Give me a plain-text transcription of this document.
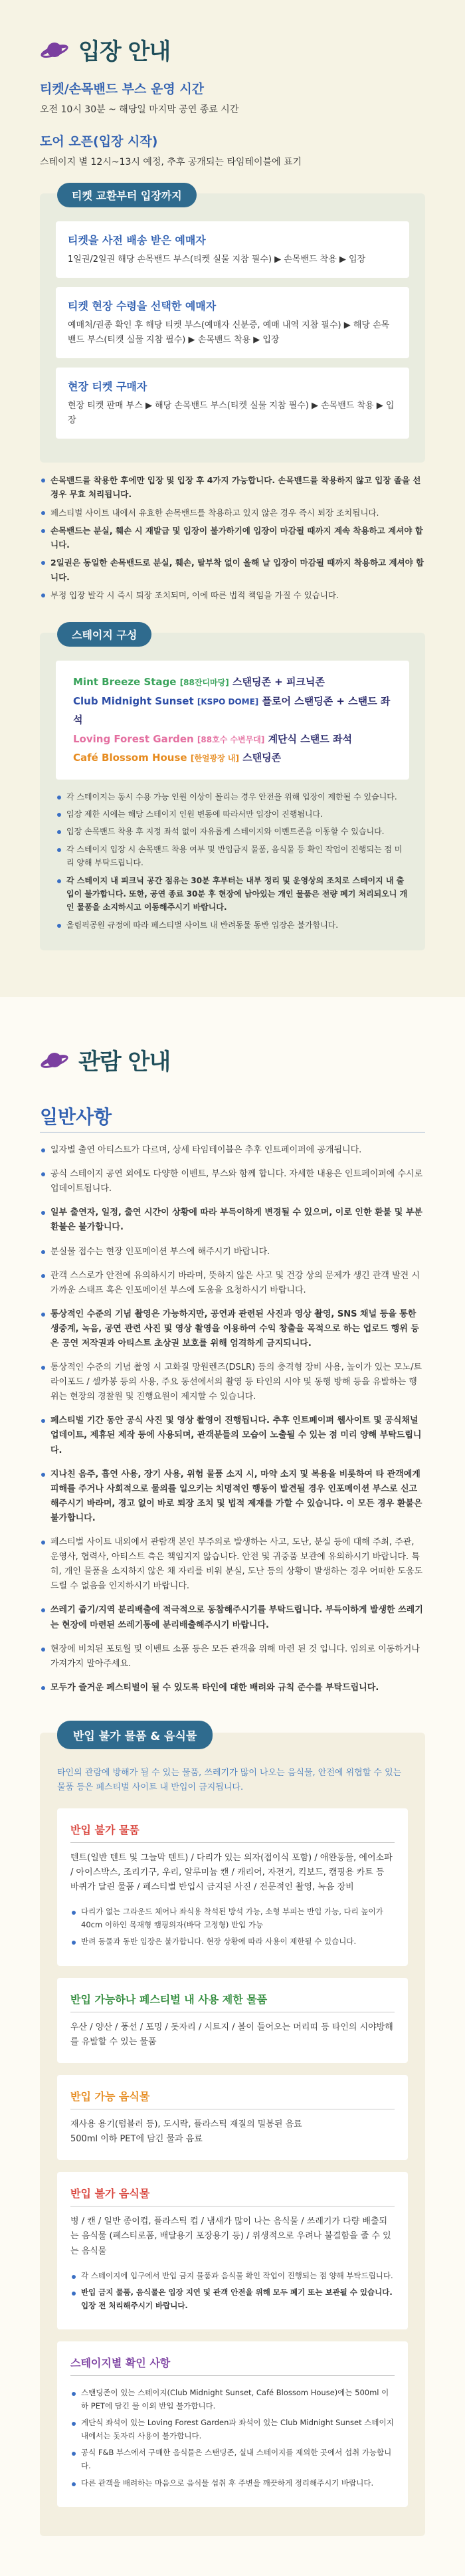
입장 안내
티켓/손목밴드 부스 운영 시간
오전 10시 30분 ~ 해당일 마지막 공연 종료 시간
도어 오픈(입장 시작)
스테이지 별 12시~13시 예정, 추후 공개되는 타임테이블에 표기
티켓 교환부터 입장까지
티켓을 사전 배송 받은 예매자

1일권/2일권 해당 손목밴드 부스(티켓 실물 지참 필수) ▶ 손목밴드 착용 ▶ 입장

티켓 현장 수령을 선택한 예매자

예매처/권종 확인 후 해당 티켓 부스(예매자 신분증, 예매 내역 지참 필수) ▶ 해당 손목밴드 부스(티켓 실물 지참 필수) ▶ 손목밴드 착용 ▶ 입장

현장 티켓 구매자

현장 티켓 판매 부스 ▶ 해당 손목밴드 부스(티켓 실물 지참 필수) ▶ 손목밴드 착용 ▶ 입장

손목밴드를 착용한 후에만 입장 및 입장 후 4가지 가능합니다. 손목밴드를 착용하지 않고 입장 졸을 선 경우 무효 처리됩니다.
페스티벌 사이트 내에서 유효한 손목밴드를 착용하고 있지 않은 경우 즉시 퇴장 조치됩니다.
손목밴드는 분실, 훼손 시 재발급 및 입장이 불가하기에 입장이 마감될 때까지 계속 착용하고 계셔야 합니다.
2일권은 동일한 손목밴드로 분실, 훼손, 탈부착 없이 올해 날 입장이 마감될 때까지 착용하고 계셔야 합니다.
부정 입장 발각 시 즉시 퇴장 조치되며, 이에 따른 법적 책임을 가질 수 있습니다.
스테이지 구성
Mint Breeze Stage [88잔디마당] 스탠딩존 + 피크닉존
Club Midnight Sunset [KSPO DOME] 플로어 스탠딩존 + 스탠드 좌석
Loving Forest Garden [88호수 수변무대] 계단식 스탠드 좌석
Café Blossom House [한얼광장 내] 스탠딩존
각 스테이지는 동시 수용 가능 인원 이상이 몰리는 경우 안전을 위해 입장이 제한될 수 있습니다.
입장 제한 시에는 해당 스테이지 인원 변동에 따라서만 입장이 진행됩니다.
입장 손목밴드 착용 후 지정 좌석 없이 자유롭게 스테이지와 이벤트존을 이동할 수 있습니다.
각 스테이지 입장 시 손목밴드 착용 여부 및 반입금지 물품, 음식물 등 확인 작업이 진행되는 점 미리 양해 부탁드립니다.
각 스테이지 내 피크닉 공간 점유는 30분 후부터는 내부 정리 및 운영상의 조치로 스테이지 내 출입이 불가합니다. 또한, 공연 종료 30분 후 현장에 남아있는 개인 물품은 전량 폐기 처리되오니 개인 물품을 소지하시고 이동해주시기 바랍니다.
올림픽공원 규정에 따라 페스티벌 사이트 내 반려동물 동반 입장은 불가합니다.
관람 안내
일반사항
일자별 출연 아티스트가 다르며, 상세 타임테이블은 추후 인트페이퍼에 공개됩니다.
공식 스테이지 공연 외에도 다양한 이벤트, 부스와 함께 합니다. 자세한 내용은 인트페이퍼에 수시로 업데이트됩니다.
일부 출연자, 일정, 출연 시간이 상황에 따라 부득이하게 변경될 수 있으며, 이로 인한 환불 및 부분 환불은 불가합니다.
분실물 접수는 현장 인포메이션 부스에 해주시기 바랍니다.
관객 스스로가 안전에 유의하시기 바라며, 뜻하지 않은 사고 및 건강 상의 문제가 생긴 관객 발견 시 가까운 스태프 혹은 인포메이션 부스에 도움을 요청하시기 바랍니다.
통상적인 수준의 기념 촬영은 가능하지만, 공연과 관련된 사진과 영상 촬영, SNS 채널 등을 통한 생중계, 녹음, 공연 관련 사진 및 영상 촬영을 이용하여 수익 창출을 목적으로 하는 업로드 행위 등은 공연 저작권과 아티스트 초상권 보호를 위해 엄격하게 금지되니다.
통상적인 수준의 기념 촬영 시 고화질 망원렌즈(DSLR) 등의 충격형 장비 사용, 높이가 있는 모노/트라이포드 / 셀카봉 등의 사용, 주요 동선에서의 촬영 등 타인의 시야 및 동행 방해 등을 유발하는 행위는 현장의 경찰원 및 진행요원이 제지할 수 있습니다.
페스티벌 기간 동안 공식 사진 및 영상 촬영이 진행됩니다. 추후 인트페이퍼 웹사이트 및 공식채널 업데이트, 제휴된 제작 등에 사용되며, 관객분들의 모습이 노출될 수 있는 점 미리 양해 부탁드립니다.
지나친 음주, 흡연 사용, 장기 사용, 위험 물품 소지 시, 마약 소지 및 복용을 비롯하여 타 관객에게 피해를 주거나 사회적으로 물의를 일으키는 치명적인 행동이 발견될 경우 인포메이션 부스로 신고해주시기 바라며, 경고 없이 바로 퇴장 조치 및 법적 제재를 가할 수 있습니다. 이 모든 경우 환불은 불가합니다.
페스티벌 사이트 내외에서 관람객 본인 부주의로 발생하는 사고, 도난, 분실 등에 대해 주최, 주관, 운영사, 협력사, 아티스트 측은 책임지지 않습니다. 안전 및 귀중품 보관에 유의하시기 바랍니다. 특히, 개인 물품을 소지하지 않은 채 자리를 비워 분실, 도난 등의 상황이 발생하는 경우 어떠한 도움도 드릴 수 없음을 인지하시기 바랍니다.
쓰레기 줍기/지역 분리배출에 적극적으로 동참해주시기를 부탁드립니다. 부득이하게 발생한 쓰레기는 현장에 마련된 쓰레기통에 분리배출해주시기 바랍니다.
현장에 비치된 포토월 및 이벤트 소품 등은 모든 관객을 위해 마련 된 것 입니다. 임의로 이동하거나 가져가지 말아주세요.
모두가 즐거운 페스티벌이 될 수 있도록 타인에 대한 배려와 규칙 준수를 부탁드립니다.
반입 불가 물품 & 음식물
타인의 관람에 방해가 될 수 있는 물품, 쓰레기가 많이 나오는 음식물, 안전에 위협할 수 있는 물품 등은 페스티벌 사이트 내 반입이 금지됩니다.
반입 불가 물품

텐트(일반 텐트 및 그늘막 텐트) / 다리가 있는 의자(접이식 포함) / 애완동물, 에어소파 / 아이스박스, 조리기구, 우리, 알루미늄 캔 / 캐리어, 자전거, 킥보드, 캠핑용 카트 등 바퀴가 달린 물품 / 페스티벌 반입시 금지된 사진 / 전문적인 촬영, 녹음 장비

다리가 없는 그라운드 체어나 좌식용 착석된 방석 가능, 소형 부피는 반입 가능, 다리 높이가 40cm 이하인 목재형 캠핑의자(바닥 고정형) 반입 가능
반려 동물과 동반 입장은 불가합니다. 현장 상황에 따라 사용이 제한될 수 있습니다.
반입 가능하나 페스티벌 내 사용 제한 물품

우산 / 양산 / 풍선 / 포밍 / 돗자리 / 시트지 / 볼이 들어오는 머리띠 등 타인의 시야방해를 유발할 수 있는 물품

반입 가능 음식물

재사용 용기(텀블러 등), 도시락, 플라스틱 재질의 밀봉된 음료
500ml 이하 PET에 담긴 물과 음료

반입 불가 음식물

병 / 캔 / 일반 종이컵, 플라스틱 컵 / 냄새가 많이 나는 음식물 / 쓰레기가 다량 배출되는 음식물 (폐스티로폼, 배달용기 포장용기 등) / 위생적으로 우려나 불결함을 줄 수 있는 음식물

각 스테이지에 입구에서 반입 금지 물품과 음식물 확인 작업이 진행되는 점 양해 부탁드립니다.
반입 금지 물품, 음식물은 입장 지연 및 관객 안전을 위해 모두 폐기 또는 보관될 수 있습니다. 입장 전 처리해주시기 바랍니다.
스테이지별 확인 사항
스탠딩존이 있는 스테이지(Club Midnight Sunset, Café Blossom House)에는 500ml 이하 PET에 담긴 물 이외 반입 불가합니다.
계단식 좌석이 있는 Loving Forest Garden과 좌석이 있는 Club Midnight Sunset 스테이지 내에서는 돗자리 사용이 불가합니다.
공식 F&B 부스에서 구매한 음식물은 스탠딩존, 실내 스테이지를 제외한 곳에서 섭취 가능합니다.
다른 관객을 배려하는 마음으로 음식물 섭취 후 주변을 깨끗하게 정리해주시기 바랍니다.
